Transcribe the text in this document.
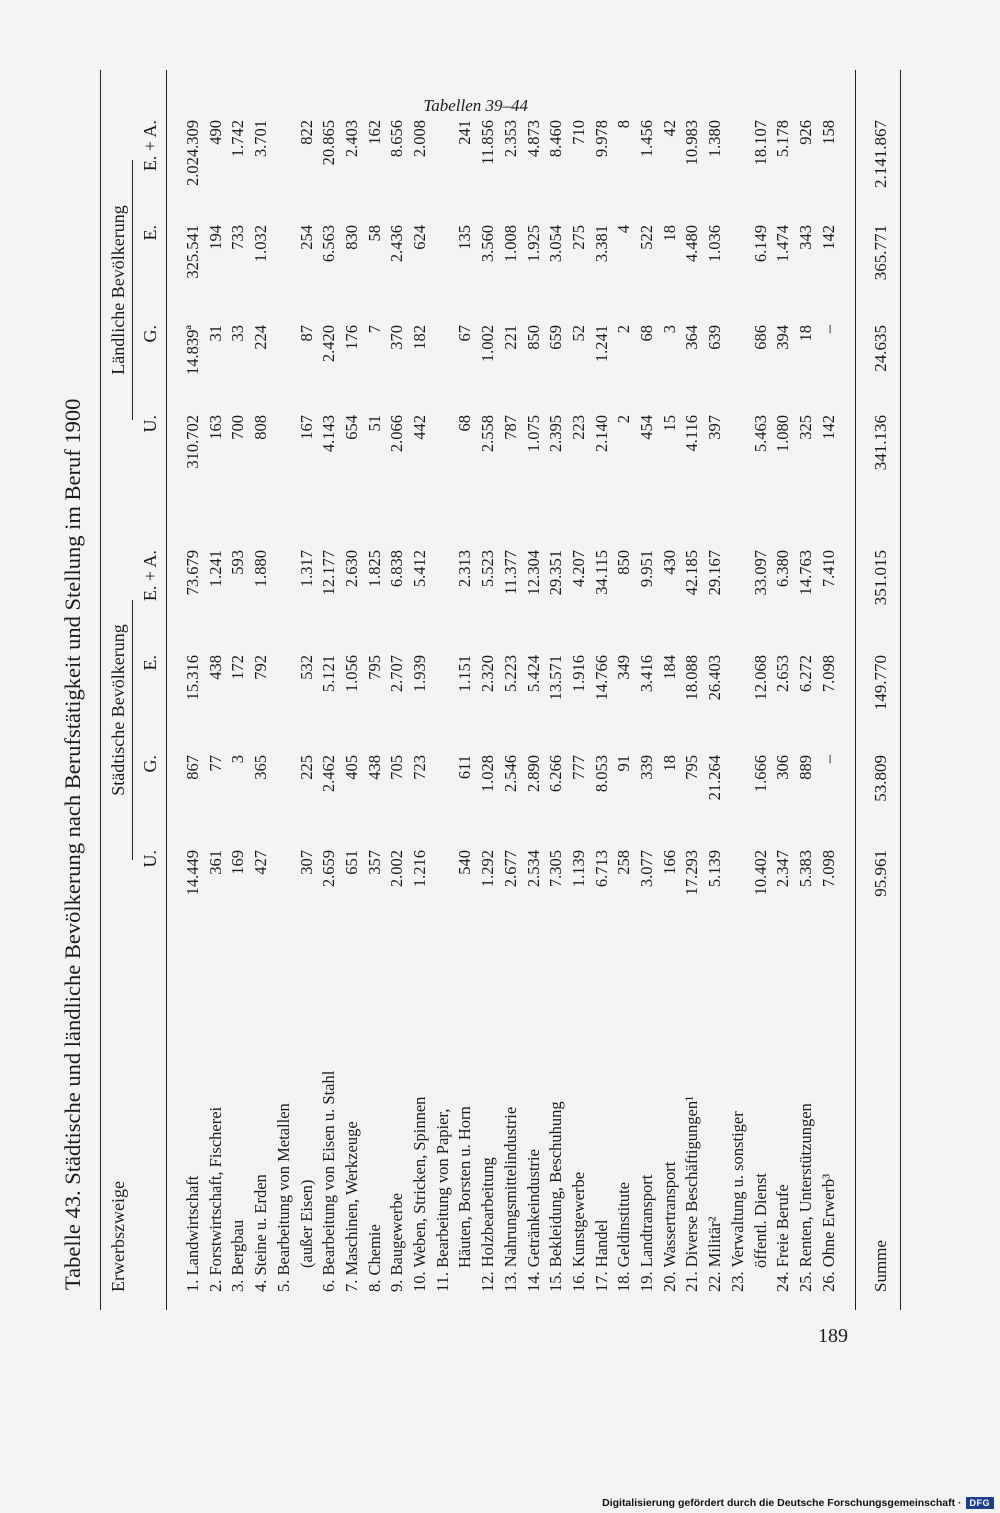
Tabellen 39–44
Tabelle 43. Städtische und ländliche Bevölkerung nach Berufstätigkeit und Stellung im Beruf 1900 Erwerbszweige
Städtische Bevölkerung
Ländliche Bevölkerung
U.
G.
E.
E. + A.
U.
G.
E.
E. + A.
1. Landwirtschaft
14.449
867
15.316
73.679
310.702
14.839ª
325.541
2.024.309
2. Forstwirtschaft, Fischerei
361
77
438
1.241
163
31
194
490
3. Bergbau
169
3
172
593
700
33
733
1.742
4. Steine u. Erden
427
365
792
1.880
808
224
1.032
3.701
5. Bearbeitung von Metallen (außer Eisen)
307
225
532
1.317
167
87
254
822
6. Bearbeitung von Eisen u. Stahl
2.659
2.462
5.121
12.177
4.143
2.420
6.563
20.865
7. Maschinen, Werkzeuge
651
405
1.056
2.630
654
176
830
2.403
8. Chemie
357
438
795
1.825
51
7
58
162
9. Baugewerbe
2.002
705
2.707
6.838
2.066
370
2.436
8.656
10. Weben, Stricken, Spinnen
1.216
723
1.939
5.412
442
182
624
2.008
11. Bearbeitung von Papier, Häuten, Borsten u. Horn
540
611
1.151
2.313
68
67
135
241
12. Holzbearbeitung
1.292
1.028
2.320
5.523
2.558
1.002
3.560
11.856
13. Nahrungsmittelindustrie
2.677
2.546
5.223
11.377
787
221
1.008
2.353
14. Getränkeindustrie
2.534
2.890
5.424
12.304
1.075
850
1.925
4.873
15. Bekleidung, Beschuhung
7.305
6.266
13.571
29.351
2.395
659
3.054
8.460
16. Kunstgewerbe
1.139
777
1.916
4.207
223
52
275
710
17. Handel
6.713
8.053
14.766
34.115
2.140
1.241
3.381
9.978
18. Geldinstitute
258
91
349
850
2
2
4
8
19. Landtransport
3.077
339
3.416
9.951
454
68
522
1.456
20. Wassertransport
166
18
184
430
15
3
18
42
21. Diverse Beschäftigungen¹
17.293
795
18.088
42.185
4.116
364
4.480
10.983
22. Militär²
5.139
21.264
26.403
29.167
397
639
1.036
1.380
23. Verwaltung u. sonstiger öffentl. Dienst
10.402
1.666
12.068
33.097
5.463
686
6.149
18.107
24. Freie Berufe
2.347
306
2.653
6.380
1.080
394
1.474
5.178
25. Renten, Unterstützungen
5.383
889
6.272
14.763
325
18
343
926
26. Ohne Erwerb³
7.098
–
7.098
7.410
142
–
142
158
Summe
95.961
53.809
149.770
351.015
341.136
24.635
365.771
2.141.867
189
Digitalisierung gefördert durch die Deutsche Forschungsgemeinschaft · DFG
